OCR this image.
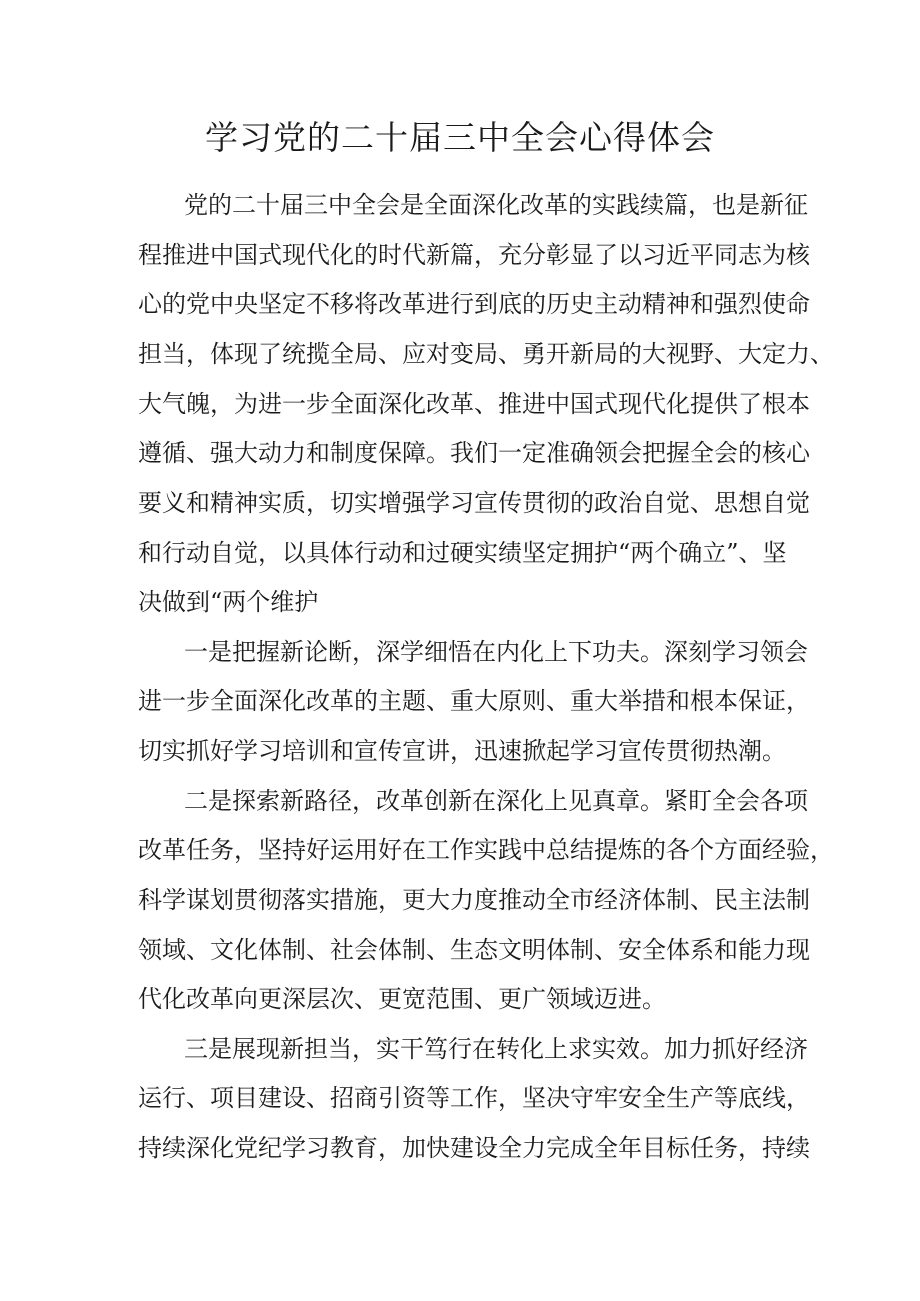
学习党的二十届三中全会心得体会

党的二十届三中全会是全面深化改革的实践续篇，也是新征

程推进中国式现代化的时代新篇，充分彰显了以习近平同志为核

心的党中央坚定不移将改革进行到底的历史主动精神和强烈使命

担当，体现了统揽全局、应对变局、勇开新局的大视野、大定力、

大气魄，为进一步全面深化改革、推进中国式现代化提供了根本

遵循、强大动力和制度保障。我们一定准确领会把握全会的核心

要义和精神实质，切实增强学习宣传贯彻的政治自觉、思想自觉

和行动自觉，以具体行动和过硬实绩坚定拥护“两个确立”、坚

决做到“两个维护

一是把握新论断，深学细悟在内化上下功夫。深刻学习领会

进一步全面深化改革的主题、重大原则、重大举措和根本保证，

切实抓好学习培训和宣传宣讲，迅速掀起学习宣传贯彻热潮。

二是探索新路径，改革创新在深化上见真章。紧盯全会各项

改革任务，坚持好运用好在工作实践中总结提炼的各个方面经验，

科学谋划贯彻落实措施，更大力度推动全市经济体制、民主法制

领域、文化体制、社会体制、生态文明体制、安全体系和能力现

代化改革向更深层次、更宽范围、更广领域迈进。

三是展现新担当，实干笃行在转化上求实效。加力抓好经济

运行、项目建设、招商引资等工作，坚决守牢安全生产等底线，

持续深化党纪学习教育，加快建设全力完成全年目标任务，持续
